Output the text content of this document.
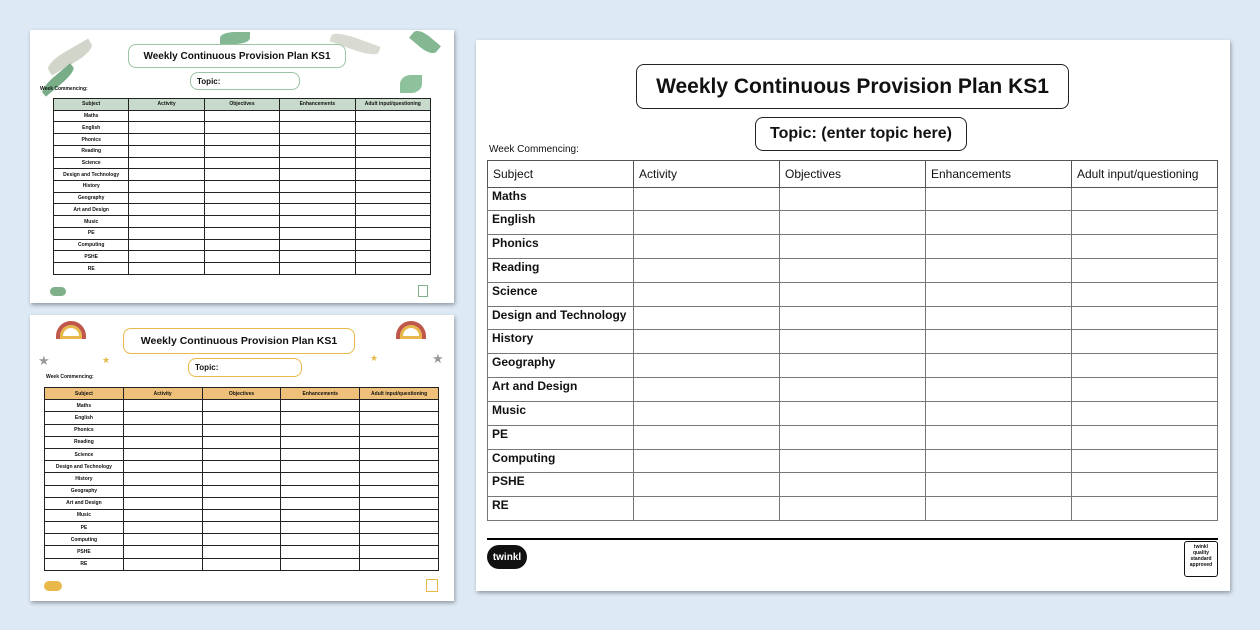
Weekly Continuous Provision Plan KS1
Topic:
Week Commencing:
Subject	Activity	Objectives	Enhancements	Adult input/questioning
Maths				
English				
Phonics				
Reading				
Science				
Design and Technology				
History				
Geography				
Art and Design				
Music				
PE				
Computing				
PSHE				
RE				
★	★
★	★
Weekly Continuous Provision Plan KS1
Topic:
Week Commencing:
Subject	Activity	Objectives	Enhancements	Adult input/questioning
Maths				
English				
Phonics				
Reading				
Science				
Design and Technology				
History				
Geography				
Art and Design				
Music				
PE				
Computing				
PSHE				
RE				
Weekly Continuous Provision Plan KS1
Topic: (enter topic here)
Week Commencing:
Subject	Activity	Objectives	Enhancements	Adult input/questioning
Maths				
English				
Phonics				
Reading				
Science				
Design and Technology				
History				
Geography				
Art and Design				
Music				
PE				
Computing				
PSHE				
RE				
twinkl
twinkl quality standard approved
